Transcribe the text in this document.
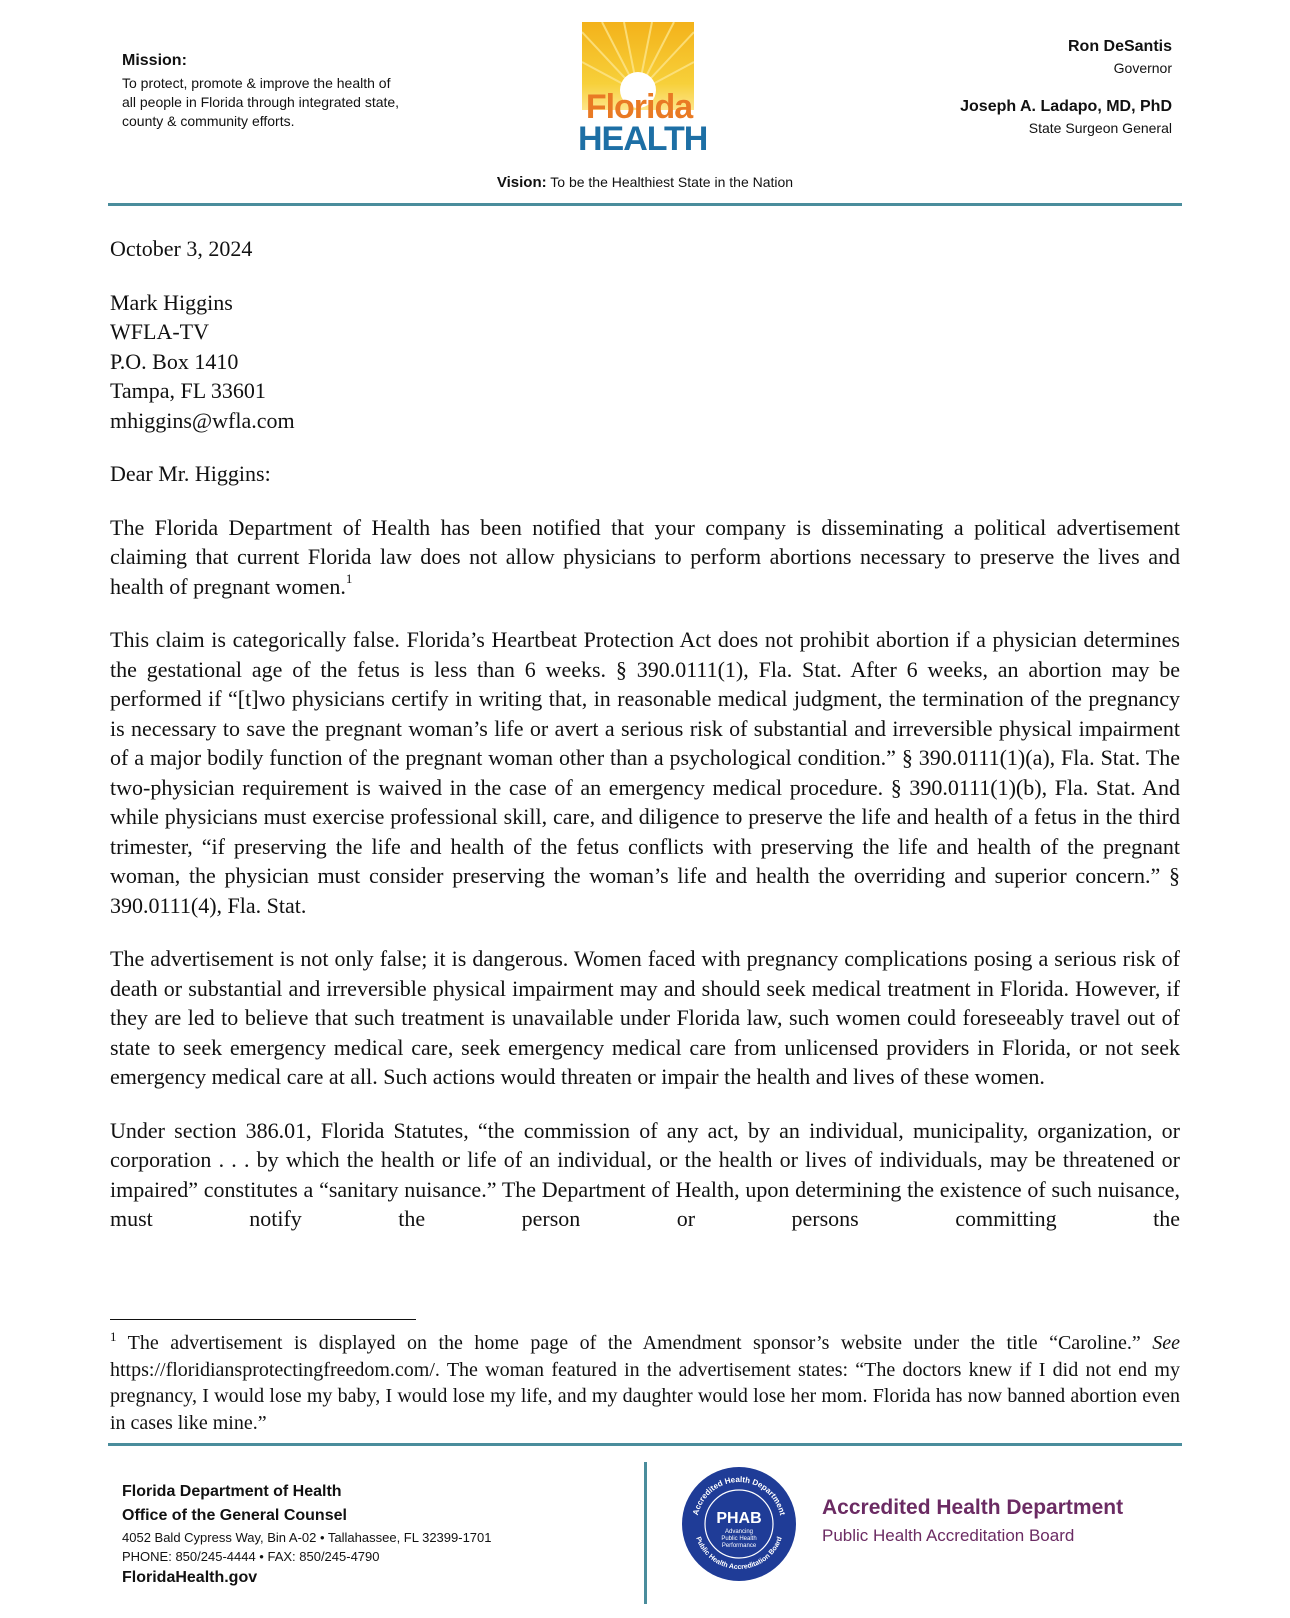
Mission:
To protect, promote & improve the health of all people in Florida through integrated state, county & community efforts.	Florida
HEALTH
Ron DeSantis
Governor
Joseph A. Ladapo, MD, PhD
State Surgeon General
Vision: To be the Healthiest State in the Nation

October 3, 2024

Mark Higgins

WFLA-TV

P.O. Box 1410

Tampa, FL 33601

mhiggins@wfla.com

Dear Mr. Higgins:

The Florida Department of Health has been notified that your company is disseminating a political advertisement claiming that current Florida law does not allow physicians to perform abortions necessary to preserve the lives and health of pregnant women.$^1$

This claim is categorically false. Florida’s Heartbeat Protection Act does not prohibit abortion if a physician determines the gestational age of the fetus is less than 6 weeks. § 390.0111(1), Fla. Stat. After 6 weeks, an abortion may be performed if “[t]wo physicians certify in writing that, in reasonable medical judgment, the termination of the pregnancy is necessary to save the pregnant woman’s life or avert a serious risk of substantial and irreversible physical impairment of a major bodily function of the pregnant woman other than a psychological condition.” § 390.0111(1)(a), Fla. Stat. The two-physician requirement is waived in the case of an emergency medical procedure. § 390.0111(1)(b), Fla. Stat. And while physicians must exercise professional skill, care, and diligence to preserve the life and health of a fetus in the third trimester, “if preserving the life and health of the fetus conflicts with preserving the life and health of the pregnant woman, the physician must consider preserving the woman’s life and health the overriding and superior concern.” § 390.0111(4), Fla. Stat.

The advertisement is not only false; it is dangerous. Women faced with pregnancy complications posing a serious risk of death or substantial and irreversible physical impairment may and should seek medical treatment in Florida. However, if they are led to believe that such treatment is unavailable under Florida law, such women could foreseeably travel out of state to seek emergency medical care, seek emergency medical care from unlicensed providers in Florida, or not seek emergency medical care at all. Such actions would threaten or impair the health and lives of these women.

Under section 386.01, Florida Statutes, “the commission of any act, by an individual, municipality, organization, or corporation . . . by which the health or life of an individual, or the health or lives of individuals, may be threatened or impaired” constitutes a “sanitary nuisance.” The Department of Health, upon determining the existence of such nuisance, must notify the person or persons committing the

$^1$ The advertisement is displayed on the home page of the Amendment sponsor’s website under the title “Caroline.” See https://floridiansprotectingfreedom.com/. The woman featured in the advertisement states: “The doctors knew if I did not end my pregnancy, I would lose my baby, I would lose my life, and my daughter would lose her mom. Florida has now banned abortion even in cases like mine.”
Florida Department of Health
Office of the General Counsel
4052 Bald Cypress Way, Bin A-02 • Tallahassee, FL 32399-1701
PHONE: 850/245-4444 • FAX: 850/245-4790
FloridaHealth.gov
Accredited Health Department
Public Health Accreditation Board
PHAB
Advancing
Public Health
Performance
Accredited Health Department
Public Health Accreditation Board
